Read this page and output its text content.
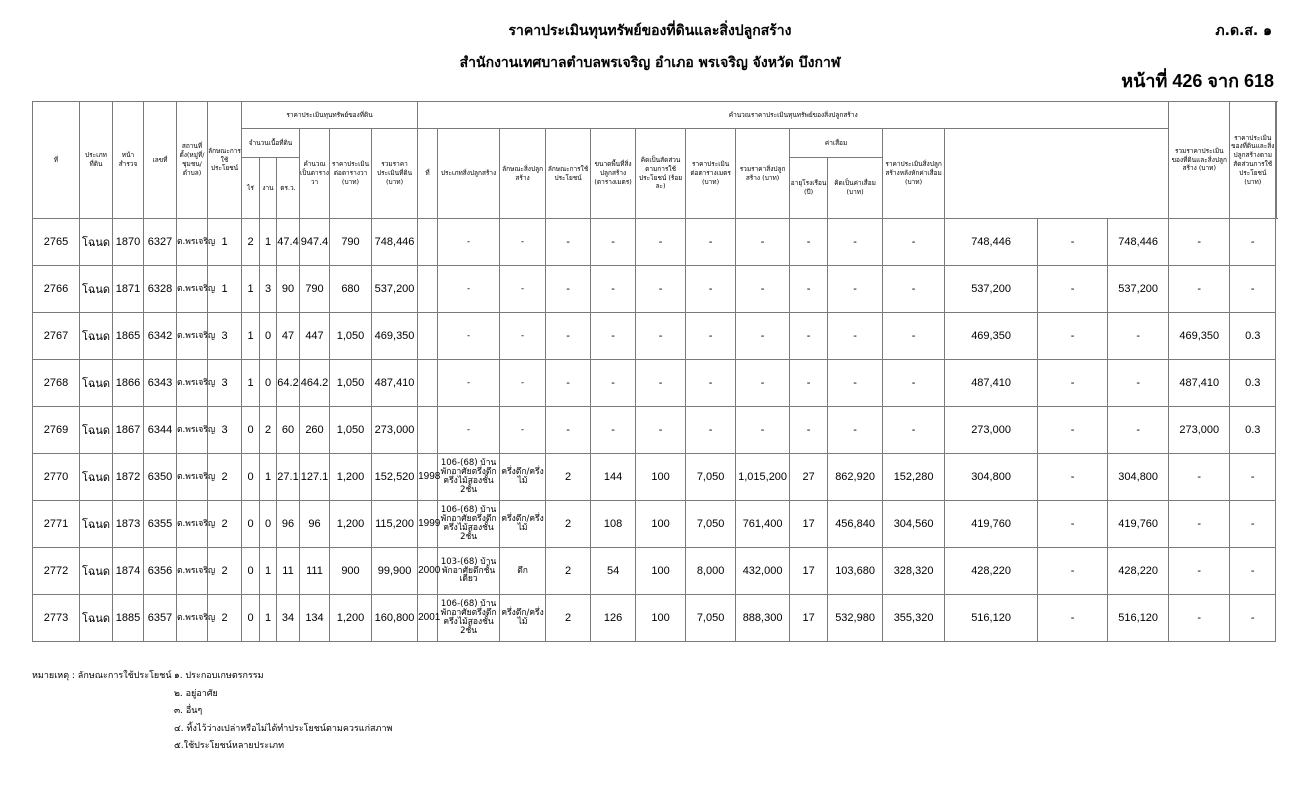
ราคาประเมินทุนทรัพย์ของที่ดินและสิ่งปลูกสร้าง
สำนักงานเทศบาลตำบลพรเจริญ อำเภอ พรเจริญ จังหวัด บึงกาฬ
ภ.ด.ส. ๑
หน้าที่ 426 จาก 618
ที่	ประเภทที่ดิน	หน้าสำรวจ	เลขที่	สถานที่ตั้ง(หมู่ที่/ชุมชน/ตำบล)	ลักษณะการใช้ประโยชน์	ราคาประเมินทุนทรัพย์ของที่ดิน						คำนวณราคาประเมินทุนทรัพย์ของสิ่งปลูกสร้าง														รวมราคาประเมินของที่ดินและสิ่งปลูกสร้าง (บาท)	ราคาประเมินของที่ดินและสิ่งปลูกสร้างตามสัดส่วนการใช้ประโยชน์ (บาท)			
						จำนวนเนื้อที่ดิน			คำนวณเป็นตารางวา	ราคาประเมินต่อตารางวา (บาท)	รวมราคาประเมินที่ดิน (บาท)	ที่	ประเภทสิ่งปลูกสร้าง	ลักษณะสิ่งปลูกสร้าง	ลักษณะการใช้ประโยชน์	ขนาดพื้นที่สิ่งปลูกสร้าง (ตารางเมตร)	คิดเป็นสัดส่วนตามการใช้ประโยชน์ (ร้อยละ)	ราคาประเมินต่อตารางเมตร (บาท)	รวมราคาสิ่งปลูกสร้าง (บาท)	ค่าเสื่อม		ราคาประเมินสิ่งปลูกสร้างหลังหักค่าเสื่อม (บาท)						
						ไร่	งาน	ตร.ว.												อายุโรงเรือน (ปี)	คิดเป็นค่าเสื่อม (บาท)							
2765	โฉนด	1870	6327	ต.พรเจริญ	1	2	1	47.4	947.4	790	748,446		-	-	-	-	-	-	-	-	-	-	748,446	-	748,446	-	-	
2766	โฉนด	1871	6328	ต.พรเจริญ	1	1	3	90	790	680	537,200		-	-	-	-	-	-	-	-	-	-	537,200	-	537,200	-	-	
2767	โฉนด	1865	6342	ต.พรเจริญ	3	1	0	47	447	1,050	469,350		-	-	-	-	-	-	-	-	-	-	469,350	-	-	469,350	0.3	
2768	โฉนด	1866	6343	ต.พรเจริญ	3	1	0	64.2	464.2	1,050	487,410		-	-	-	-	-	-	-	-	-	-	487,410	-	-	487,410	0.3	
2769	โฉนด	1867	6344	ต.พรเจริญ	3	0	2	60	260	1,050	273,000		-	-	-	-	-	-	-	-	-	-	273,000	-	-	273,000	0.3	
2770	โฉนด	1872	6350	ต.พรเจริญ	2	0	1	27.1	127.1	1,200	152,520	1998	106-(68) บ้านพักอาศัยตรึ่งตึกครึ่งไม้สองชั้น 2ชั้น	ครึ่งตึก/ครึ่งไม้	2	144	100	7,050	1,015,200	27	862,920	152,280	304,800	-	304,800	-	-	
2771	โฉนด	1873	6355	ต.พรเจริญ	2	0	0	96	96	1,200	115,200	1999	106-(68) บ้านพักอาศัยตรึ่งตึกครึ่งไม้สองชั้น 2ชั้น	ครึ่งตึก/ครึ่งไม้	2	108	100	7,050	761,400	17	456,840	304,560	419,760	-	419,760	-	-	
2772	โฉนด	1874	6356	ต.พรเจริญ	2	0	1	11	111	900	99,900	2000	103-(68) บ้านพักอาศัยตึกชั้นเดียว	ตึก	2	54	100	8,000	432,000	17	103,680	328,320	428,220	-	428,220	-	-	
2773	โฉนด	1885	6357	ต.พรเจริญ	2	0	1	34	134	1,200	160,800	2001	106-(68) บ้านพักอาศัยตรึ่งตึกครึ่งไม้สองชั้น 2ชั้น	ครึ่งตึก/ครึ่งไม้	2	126	100	7,050	888,300	17	532,980	355,320	516,120	-	516,120	-	-	
หมายเหตุ : ลักษณะการใช้ประโยชน์ ๑. ประกอบเกษตรกรรม
๒. อยู่อาศัย
๓. อื่นๆ
๔. ทิ้งไว้ว่างเปล่าหรือไม่ได้ทำประโยชน์ตามควรแก่สภาพ
๕.ใช้ประโยชน์หลายประเภท
